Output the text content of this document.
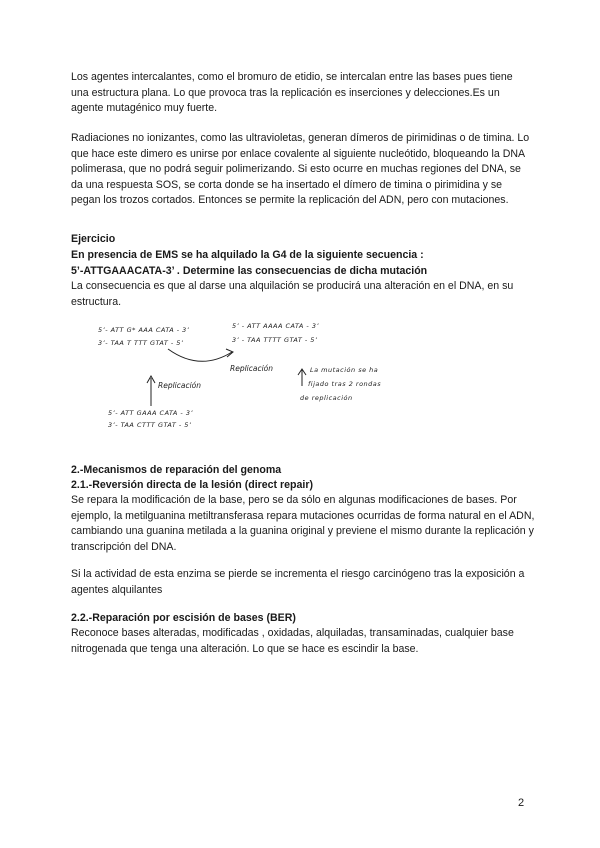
Los agentes intercalantes, como el bromuro de etidio, se intercalan entre las bases pues tiene una estructura plana. Lo que provoca tras la replicación es inserciones y delecciones.Es un agente mutagénico muy fuerte.

Radiaciones no ionizantes, como las ultravioletas, generan dímeros de pirimidinas o de timina. Lo que hace este dimero es unirse por enlace covalente al siguiente nucleótido, bloqueando la DNA polimerasa, que no podrá seguir polimerizando. Si esto ocurre en muchas regiones del DNA, se da una respuesta SOS, se corta donde se ha insertado el dímero de timina o pirimidina y se pegan los trozos cortados. Entonces se permite la replicación del ADN, pero con mutaciones.

Ejercicio

En presencia de EMS se ha alquilado la G4 de la siguiente secuencia :

5’-ATTGAAACATA-3’ . Determine las consecuencias de dicha mutación

La consecuencia es que al darse una alquilación se producirá una alteración en el DNA, en su estructura.

5’- ATT G* AAA CATA - 3’
3’- TAA T TTT GTAT - 5’
5’ - ATT AAAA CATA - 3’
3’ - TAA TTTT GTAT - 5’
Replicación
Replicación
La mutación se ha
fijado tras 2 rondas
de replicación
5’- ATT GAAA CATA - 3’
3’- TAA CTTT GTAT - 5’

2.-Mecanismos de reparación del genoma

2.1.-Reversión directa de la lesión (direct repair)

Se repara la modificación de la base, pero se da sólo en algunas modificaciones de bases. Por ejemplo, la metilguanina metiltransferasa repara mutaciones ocurridas de forma natural en el ADN, cambiando una guanina metilada a la guanina original y previene el mismo durante la replicación y transcripción del DNA.

Si la actividad de esta enzima se pierde se incrementa el riesgo carcinógeno tras la exposición a agentes alquilantes

2.2.-Reparación por escisión de bases (BER)

Reconoce bases alteradas, modificadas , oxidadas, alquiladas, transaminadas, cualquier base nitrogenada que tenga una alteración. Lo que se hace es escindir la base.

2
